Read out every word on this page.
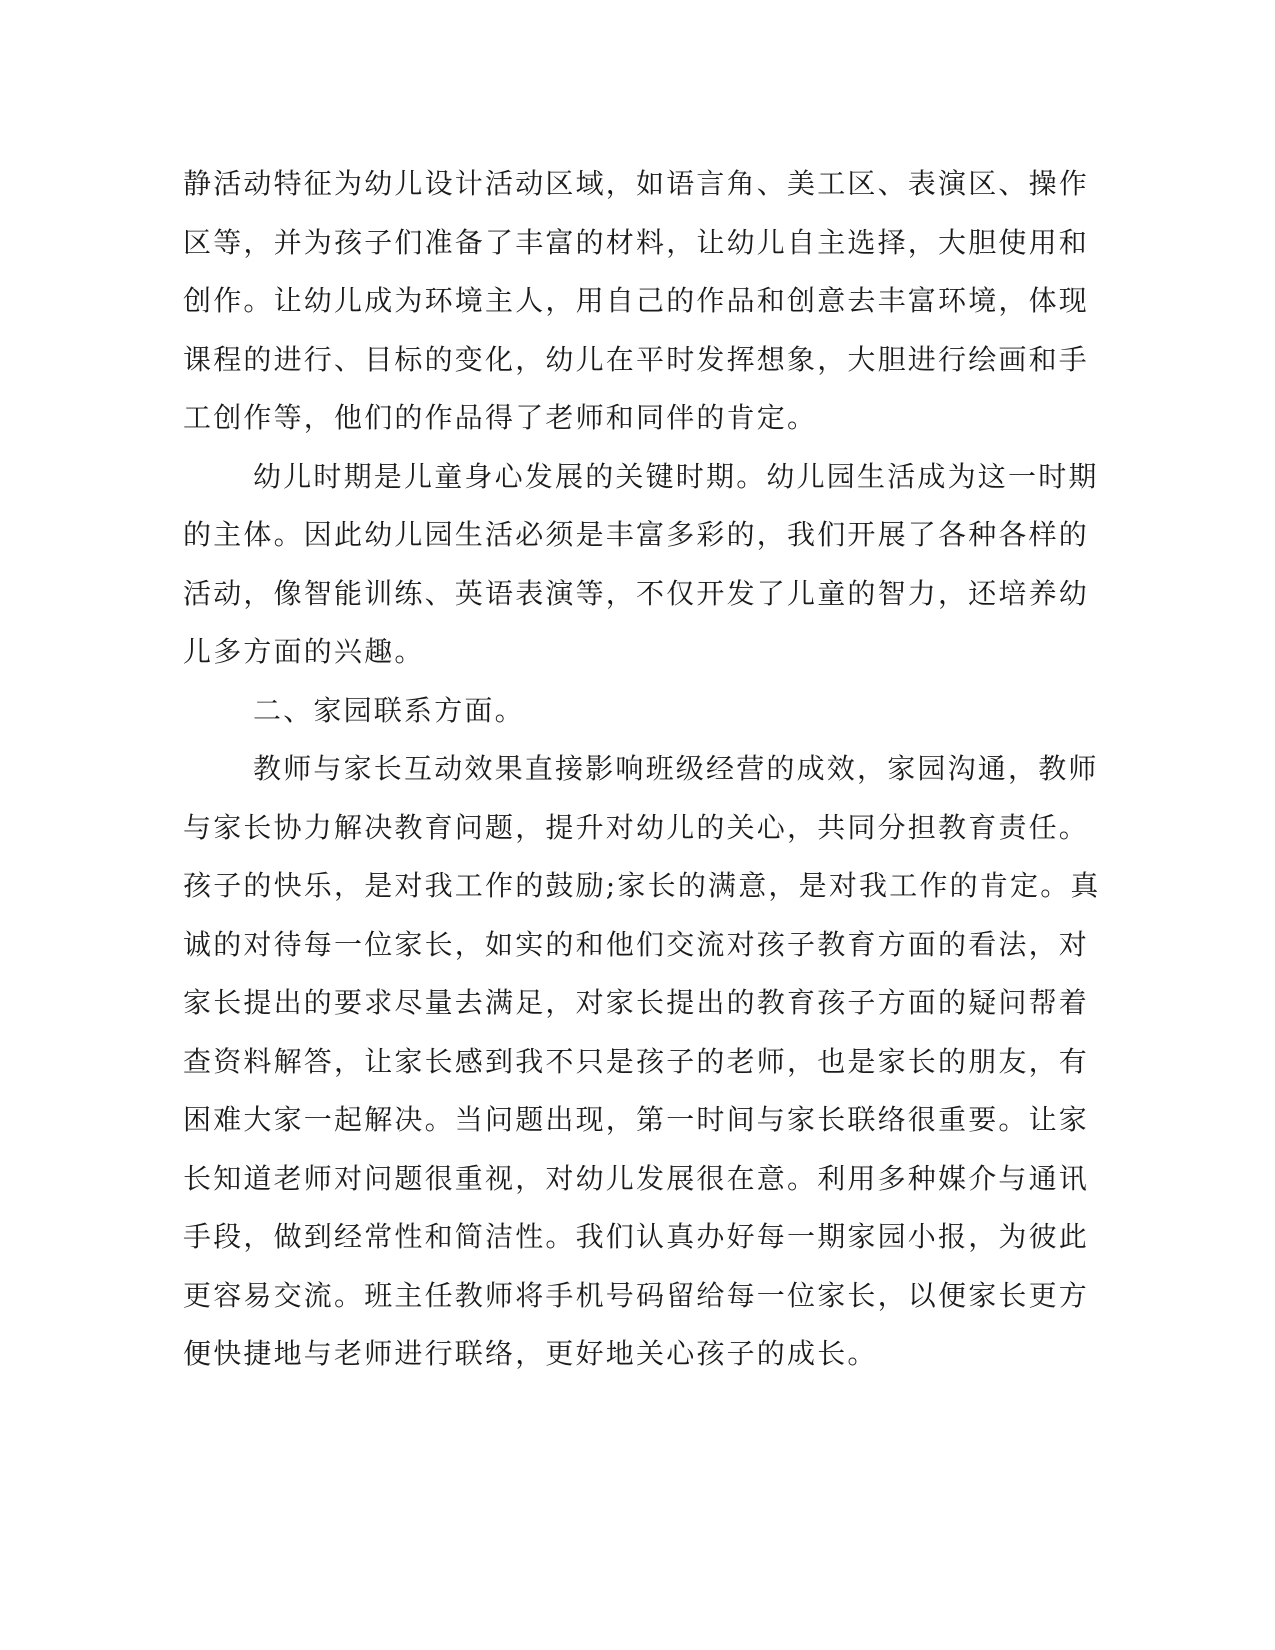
静活动特征为幼儿设计活动区域，如语言角、美工区、表演区、操作
区等，并为孩子们准备了丰富的材料，让幼儿自主选择，大胆使用和
创作。让幼儿成为环境主人，用自己的作品和创意去丰富环境，体现
课程的进行、目标的变化，幼儿在平时发挥想象，大胆进行绘画和手
工创作等，他们的作品得了老师和同伴的肯定。
幼儿时期是儿童身心发展的关键时期。幼儿园生活成为这一时期
的主体。因此幼儿园生活必须是丰富多彩的，我们开展了各种各样的
活动，像智能训练、英语表演等，不仅开发了儿童的智力，还培养幼
儿多方面的兴趣。
二、家园联系方面。
教师与家长互动效果直接影响班级经营的成效，家园沟通，教师
与家长协力解决教育问题，提升对幼儿的关心，共同分担教育责任。
孩子的快乐，是对我工作的鼓励;家长的满意，是对我工作的肯定。真
诚的对待每一位家长，如实的和他们交流对孩子教育方面的看法，对
家长提出的要求尽量去满足，对家长提出的教育孩子方面的疑问帮着
查资料解答，让家长感到我不只是孩子的老师，也是家长的朋友，有
困难大家一起解决。当问题出现，第一时间与家长联络很重要。让家
长知道老师对问题很重视，对幼儿发展很在意。利用多种媒介与通讯
手段，做到经常性和简洁性。我们认真办好每一期家园小报，为彼此
更容易交流。班主任教师将手机号码留给每一位家长，以便家长更方
便快捷地与老师进行联络，更好地关心孩子的成长。
